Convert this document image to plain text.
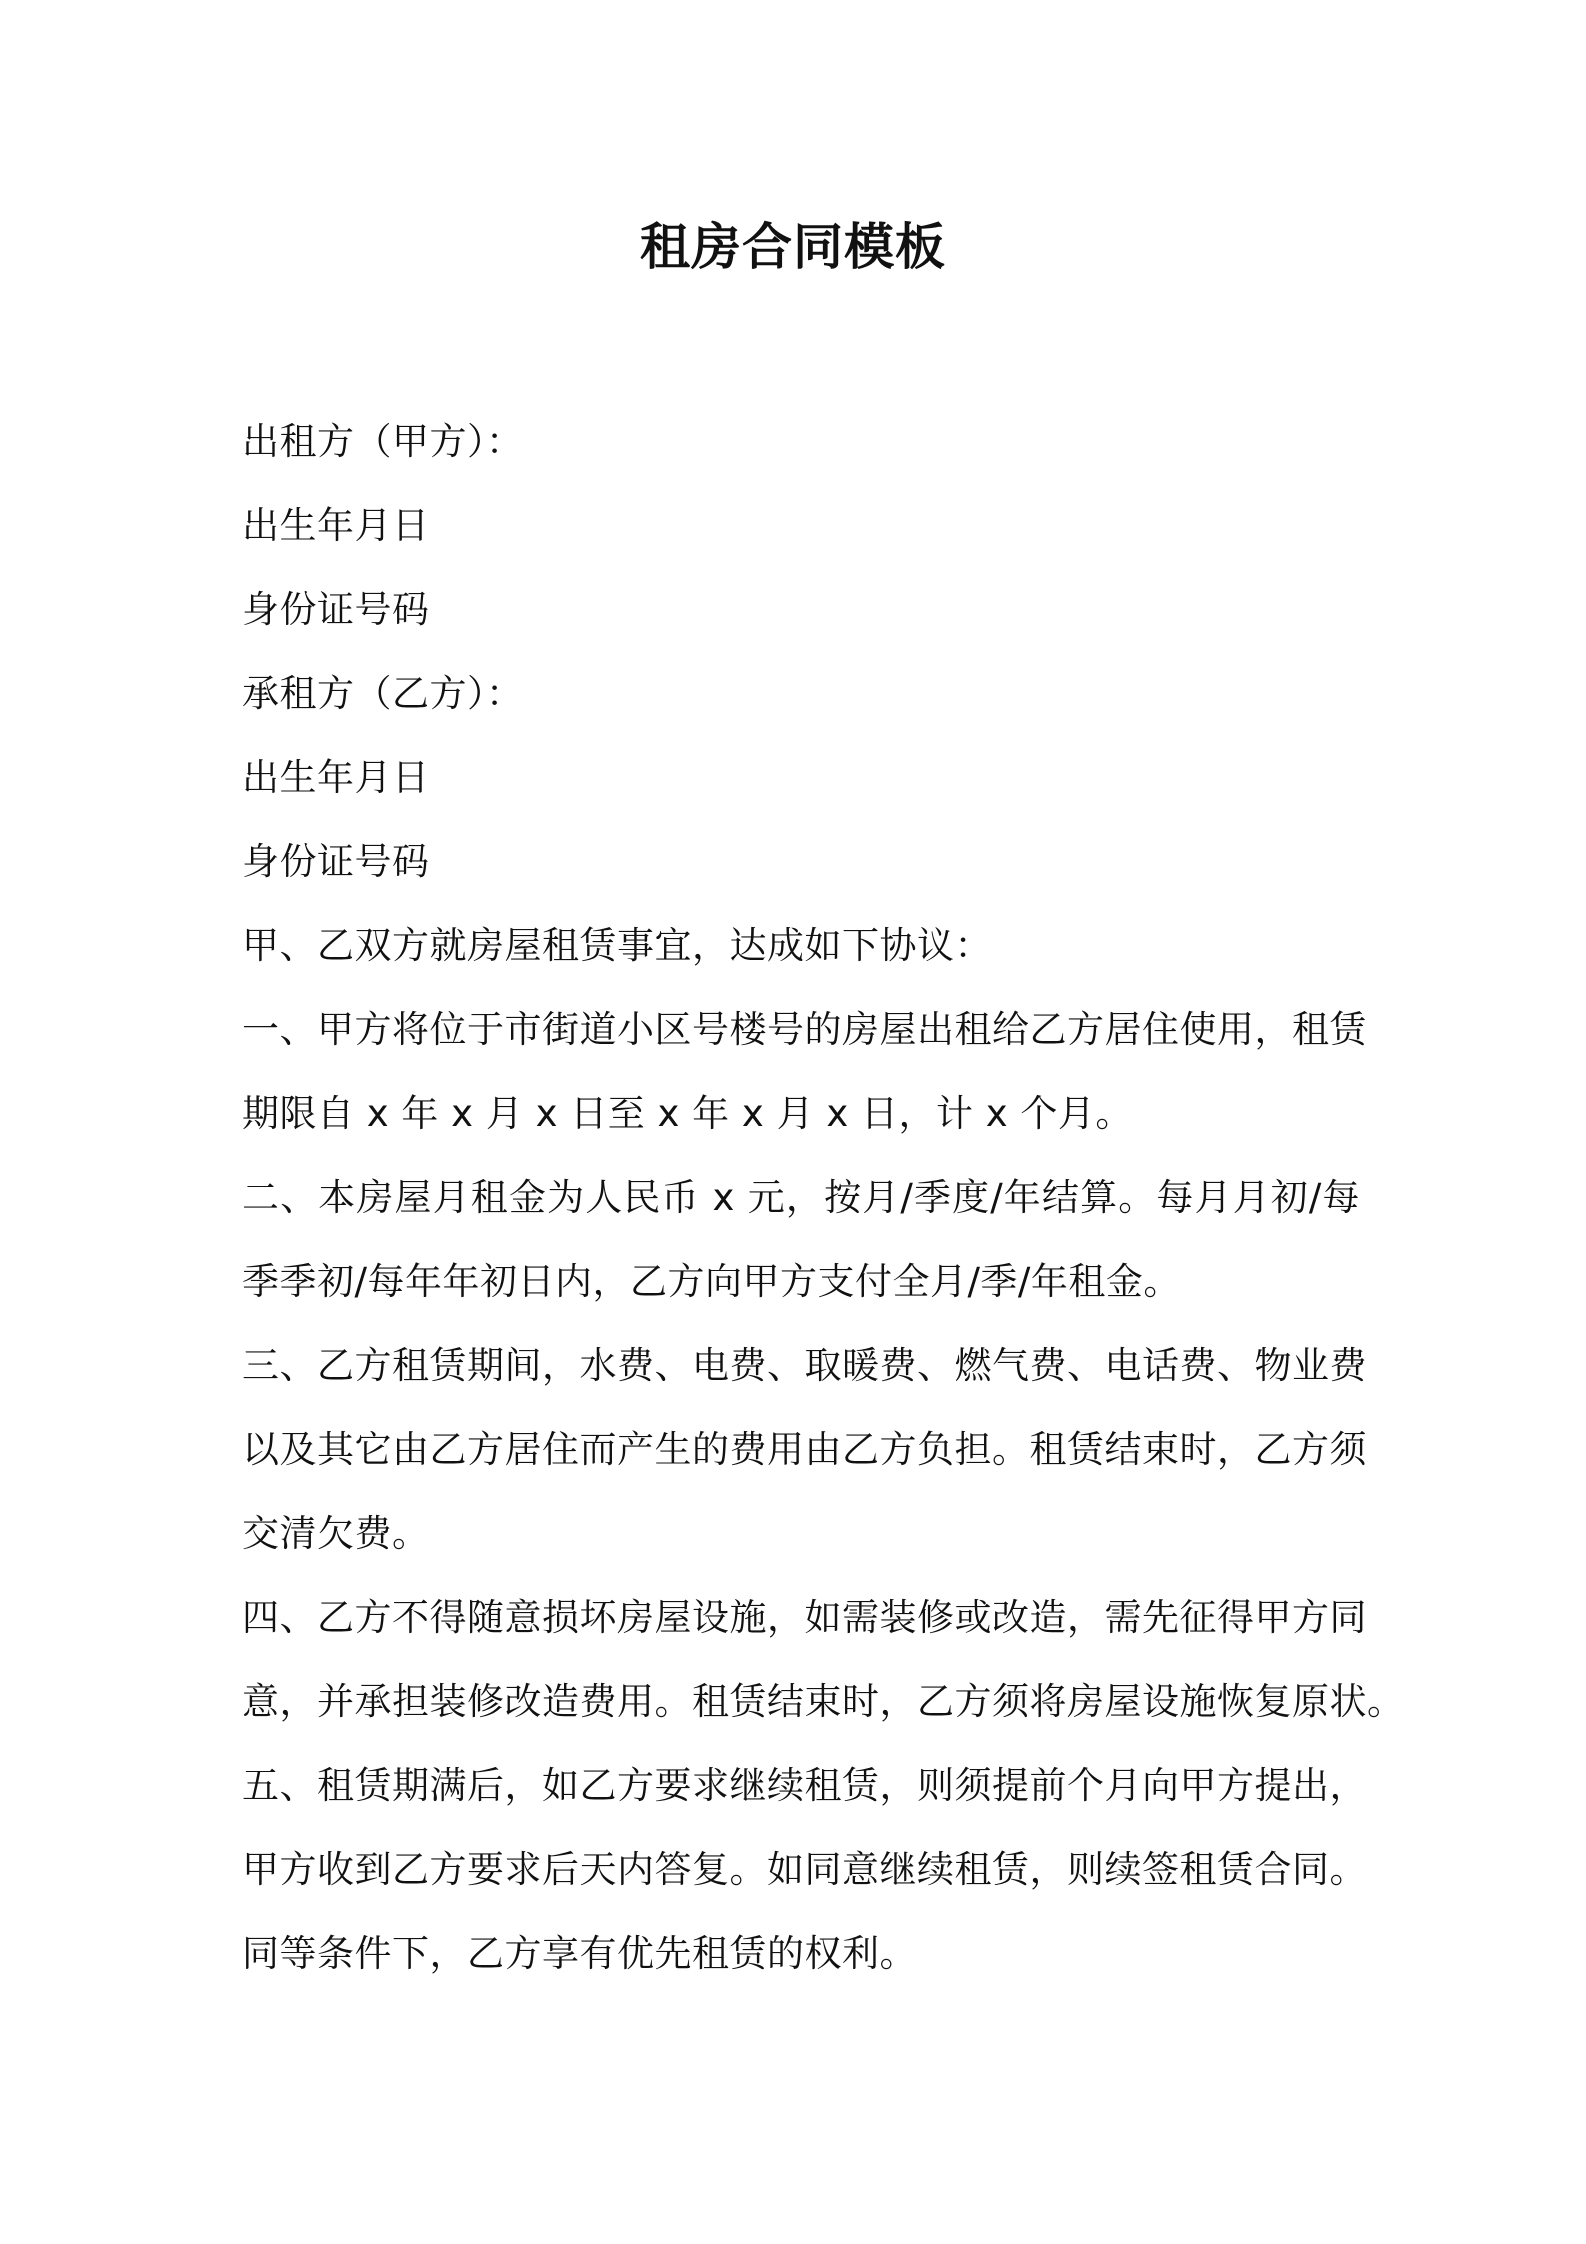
租房合同模板
出租方（甲方）：
出生年月日
身份证号码
承租方（乙方）：
出生年月日
身份证号码
甲、乙双方就房屋租赁事宜，达成如下协议：
一、甲方将位于市街道小区号楼号的房屋出租给乙方居住使用，租赁
期限自 x 年 x 月 x 日至 x 年 x 月 x 日，计 x 个月。
二、本房屋月租金为人民币 x 元，按月/季度/年结算。每月月初/每
季季初/每年年初日内，乙方向甲方支付全月/季/年租金。
三、乙方租赁期间，水费、电费、取暖费、燃气费、电话费、物业费
以及其它由乙方居住而产生的费用由乙方负担。租赁结束时，乙方须
交清欠费。
四、乙方不得随意损坏房屋设施，如需装修或改造，需先征得甲方同
意，并承担装修改造费用。租赁结束时，乙方须将房屋设施恢复原状。
五、租赁期满后，如乙方要求继续租赁，则须提前个月向甲方提出，
甲方收到乙方要求后天内答复。如同意继续租赁，则续签租赁合同。
同等条件下，乙方享有优先租赁的权利。
